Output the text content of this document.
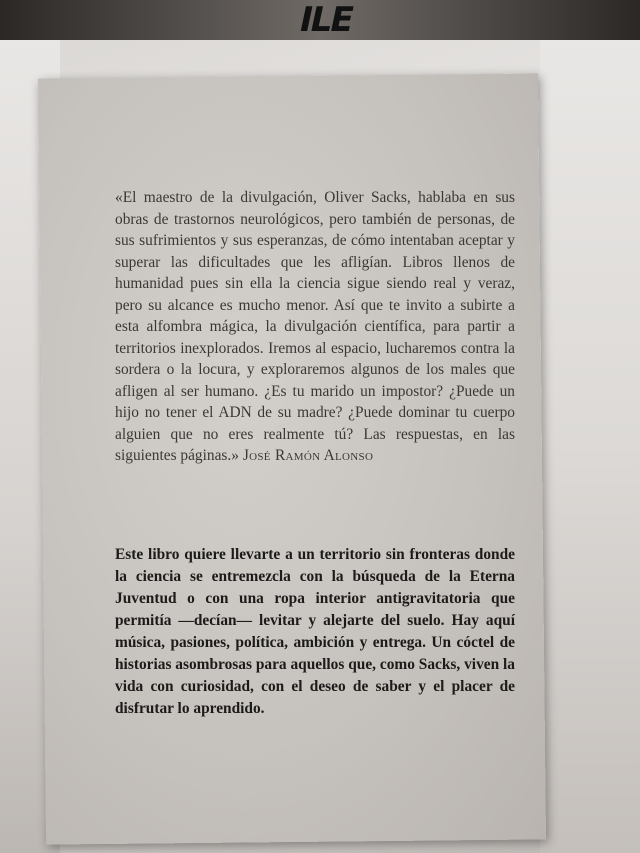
ILE

«El maestro de la divulgación, Oliver Sacks, hablaba en sus obras de trastornos neurológicos, pero también de personas, de sus sufrimientos y sus esperanzas, de cómo intentaban aceptar y superar las dificultades que les afligían. Libros llenos de humanidad pues sin ella la ciencia sigue siendo real y veraz, pero su alcance es mucho menor. Así que te invito a subirte a esta alfombra mágica, la divulgación científica, para partir a territorios inexplorados. Iremos al espacio, lucharemos contra la sordera o la locura, y exploraremos algunos de los males que afligen al ser humano. ¿Es tu marido un impostor? ¿Puede un hijo no tener el ADN de su madre? ¿Puede dominar tu cuerpo alguien que no eres realmente tú? Las respuestas, en las siguientes páginas.» José Ramón Alonso

Este libro quiere llevarte a un territorio sin fronteras donde la ciencia se entremezcla con la búsqueda de la Eterna Juventud o con una ropa interior antigravitatoria que permitía —decían— levitar y alejarte del suelo. Hay aquí música, pasiones, política, ambición y entrega. Un cóctel de historias asombrosas para aquellos que, como Sacks, viven la vida con curiosidad, con el deseo de saber y el placer de disfrutar lo aprendido.
